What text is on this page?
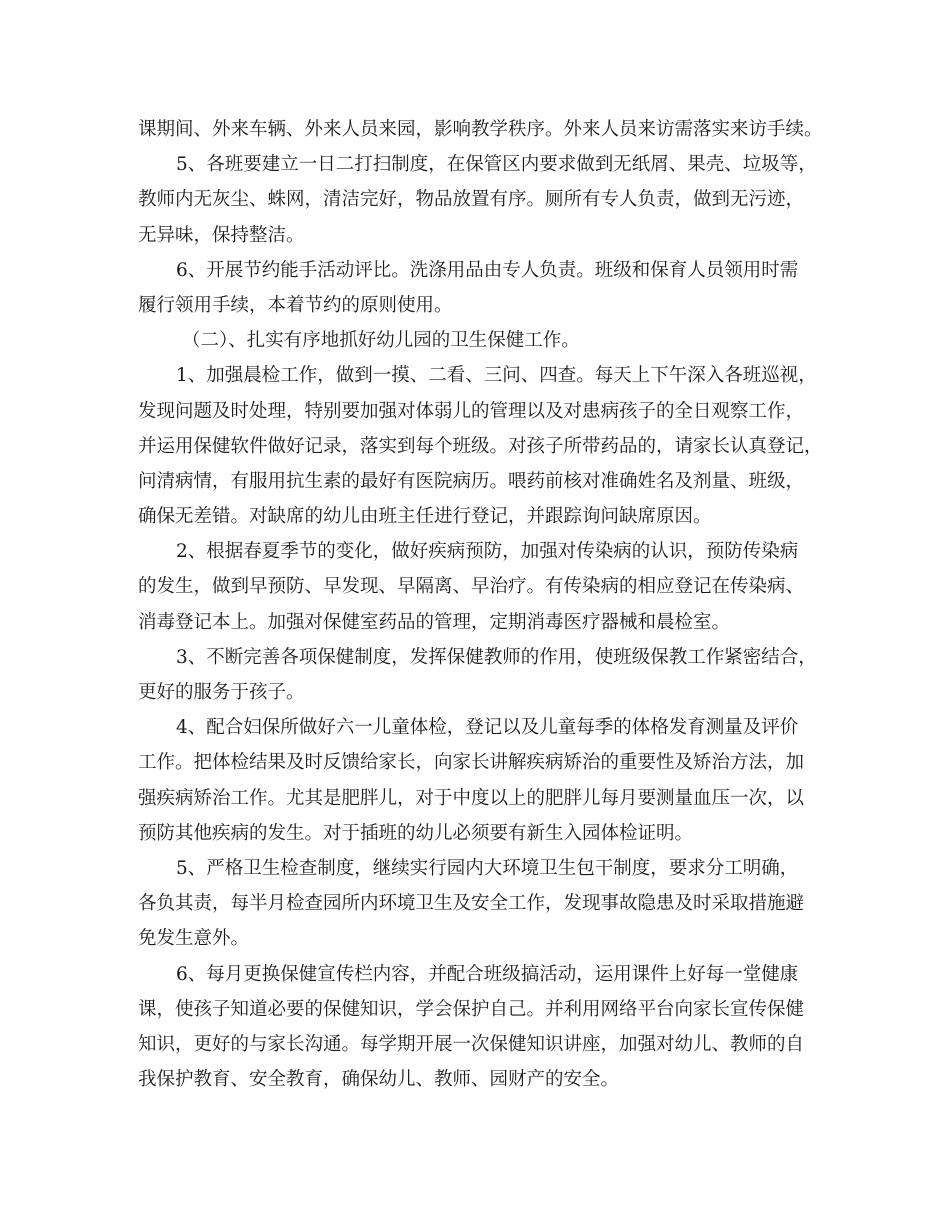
课期间、外来车辆、外来人员来园，影响教学秩序。外来人员来访需落实来访手续。
5、各班要建立一日二打扫制度，在保管区内要求做到无纸屑、果壳、垃圾等，
教师内无灰尘、蛛网，清洁完好，物品放置有序。厕所有专人负责，做到无污迹，
无异味，保持整洁。
6、开展节约能手活动评比。洗涤用品由专人负责。班级和保育人员领用时需
履行领用手续，本着节约的原则使用。
（二）、扎实有序地抓好幼儿园的卫生保健工作。
1、加强晨检工作，做到一摸、二看、三问、四查。每天上下午深入各班巡视，
发现问题及时处理，特别要加强对体弱儿的管理以及对患病孩子的全日观察工作，
并运用保健软件做好记录，落实到每个班级。对孩子所带药品的，请家长认真登记，
问清病情，有服用抗生素的最好有医院病历。喂药前核对准确姓名及剂量、班级，
确保无差错。对缺席的幼儿由班主任进行登记，并跟踪询问缺席原因。
2、根据春夏季节的变化，做好疾病预防，加强对传染病的认识，预防传染病
的发生，做到早预防、早发现、早隔离、早治疗。有传染病的相应登记在传染病、
消毒登记本上。加强对保健室药品的管理，定期消毒医疗器械和晨检室。
3、不断完善各项保健制度，发挥保健教师的作用，使班级保教工作紧密结合，
更好的服务于孩子。
4、配合妇保所做好六一儿童体检，登记以及儿童每季的体格发育测量及评价
工作。把体检结果及时反馈给家长，向家长讲解疾病矫治的重要性及矫治方法，加
强疾病矫治工作。尤其是肥胖儿，对于中度以上的肥胖儿每月要测量血压一次，以
预防其他疾病的发生。对于插班的幼儿必须要有新生入园体检证明。
5、严格卫生检查制度，继续实行园内大环境卫生包干制度，要求分工明确，
各负其责，每半月检查园所内环境卫生及安全工作，发现事故隐患及时采取措施避
免发生意外。
6、每月更换保健宣传栏内容，并配合班级搞活动，运用课件上好每一堂健康
课，使孩子知道必要的保健知识，学会保护自己。并利用网络平台向家长宣传保健
知识，更好的与家长沟通。每学期开展一次保健知识讲座，加强对幼儿、教师的自
我保护教育、安全教育，确保幼儿、教师、园财产的安全。
